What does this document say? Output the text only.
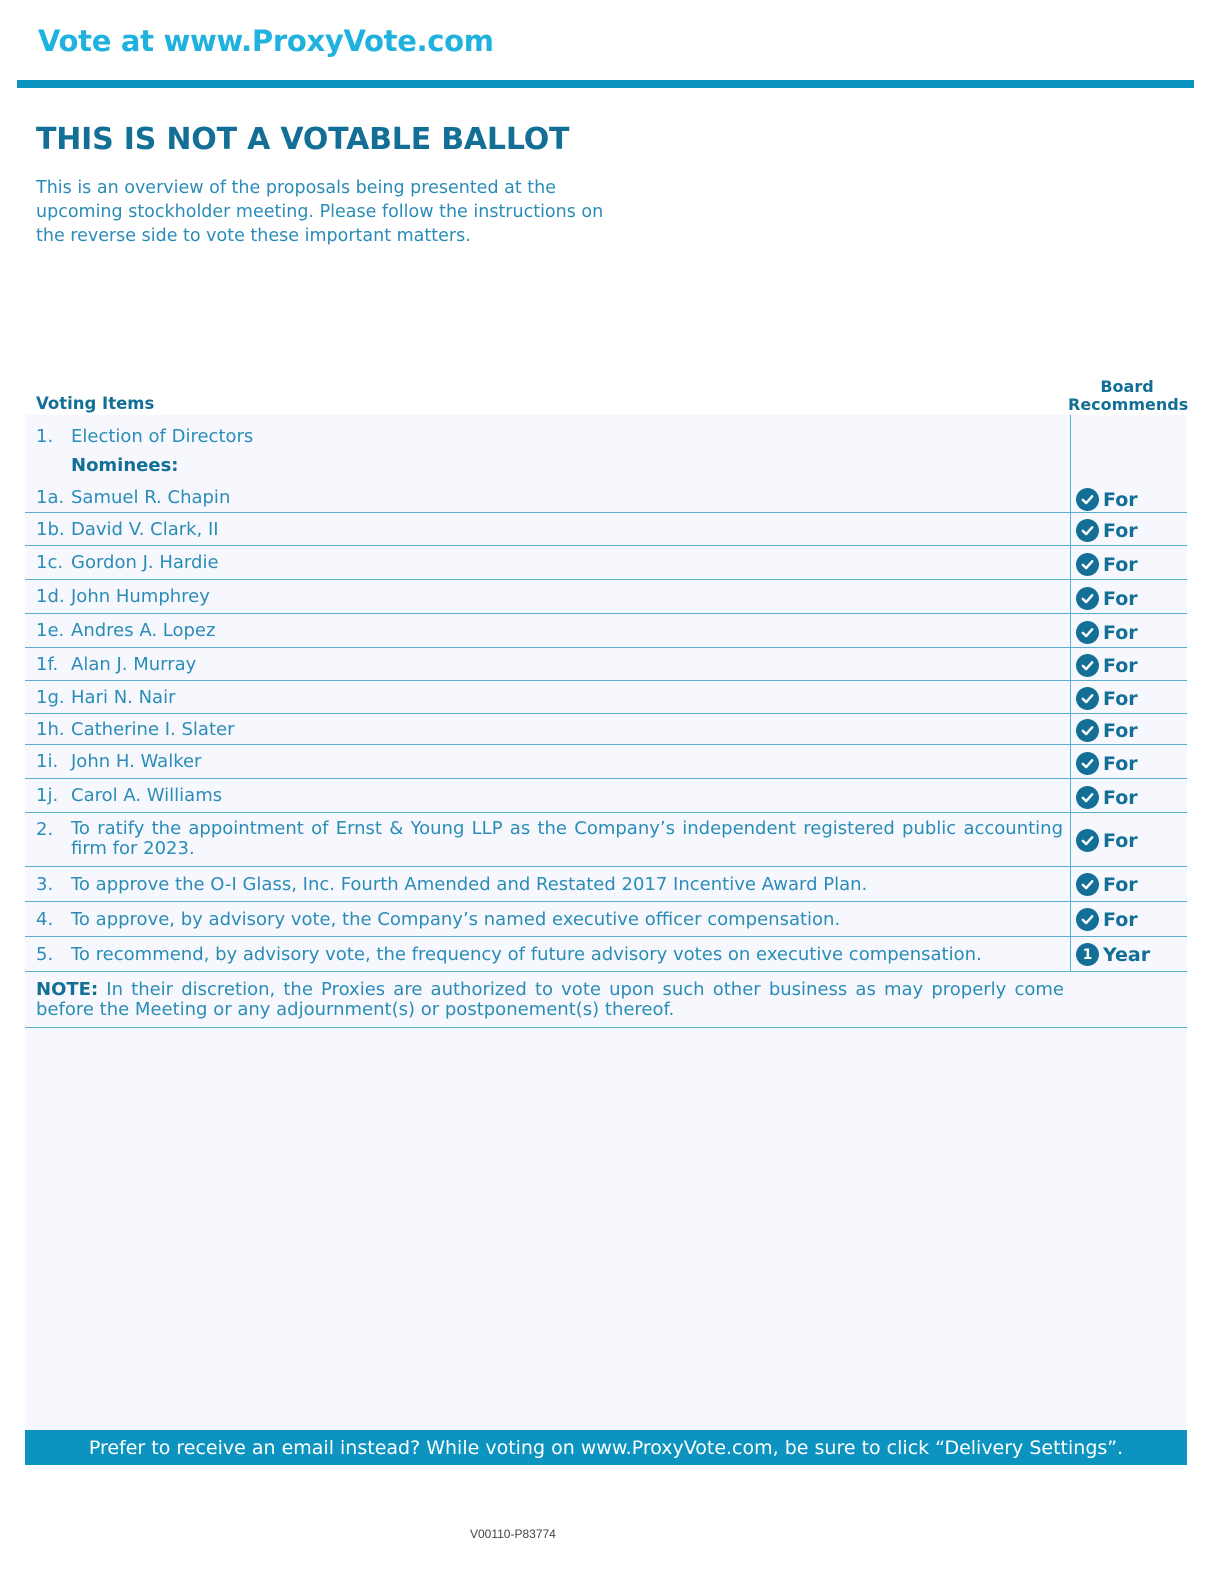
Vote at www.ProxyVote.com
THIS IS NOT A VOTABLE BALLOT
This is an overview of the proposals being presented at the
upcoming stockholder meeting. Please follow the instructions on
the reverse side to vote these important matters.
Voting Items
Board
Recommends
1. Election of Directors
Nominees:
1a. Samuel R. Chapin	For
1b. David V. Clark, II	For
1c. Gordon J. Hardie	For
1d. John Humphrey	For
1e. Andres A. Lopez	For
1f. Alan J. Murray	For
1g. Hari N. Nair	For
1h. Catherine I. Slater	For
1i. John H. Walker	For
1j. Carol A. Williams	For
2. To ratify the appointment of Ernst & Young LLP as the Company’s independent registered public accounting firm for 2023.	For
3. To approve the O-I Glass, Inc. Fourth Amended and Restated 2017 Incentive Award Plan.	For
4. To approve, by advisory vote, the Company’s named executive officer compensation.	For
5. To recommend, by advisory vote, the frequency of future advisory votes on executive compensation.	1 Year
NOTE: In their discretion, the Proxies are authorized to vote upon such other business as may properly come before the Meeting or any adjournment(s) or postponement(s) thereof.
Prefer to receive an email instead? While voting on www.ProxyVote.com, be sure to click “Delivery Settings”.
V00110-P83774
